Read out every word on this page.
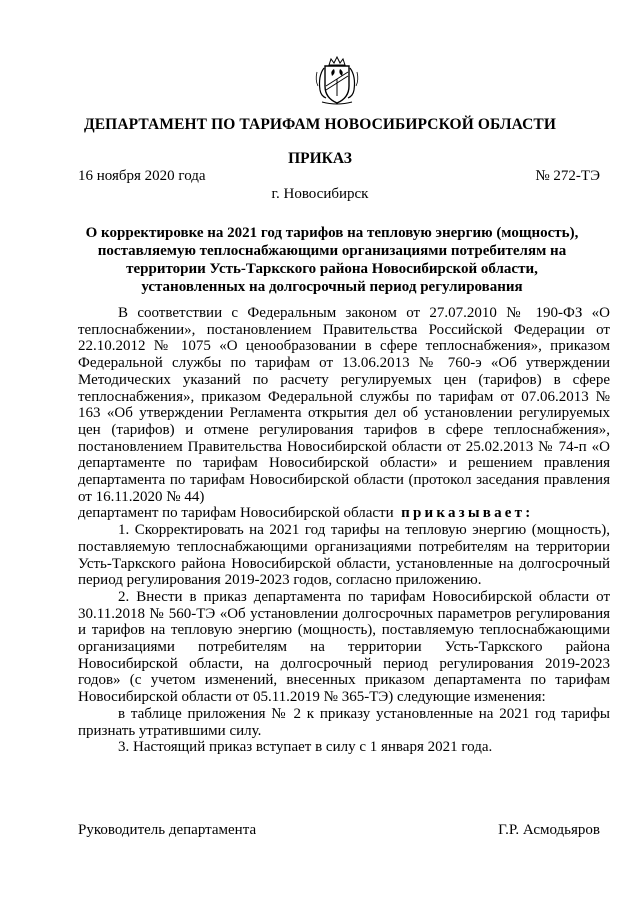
ДЕПАРТАМЕНТ ПО ТАРИФАМ НОВОСИБИРСКОЙ ОБЛАСТИ
ПРИКАЗ
16 ноября 2020 года	№ 272-ТЭ
г. Новосибирск
О корректировке на 2021 год тарифов на тепловую энергию (мощность), поставляемую теплоснабжающими организациями потребителям на территории Усть-Таркского района Новосибирской области, установленных на долгосрочный период регулирования

В соответствии с Федеральным законом от 27.07.2010 № 190-ФЗ «О теплоснабжении», постановлением Правительства Российской Федерации от 22.10.2012 № 1075 «О ценообразовании в сфере теплоснабжения», приказом Федеральной службы по тарифам от 13.06.2013 № 760-э «Об утверждении Методических указаний по расчету регулируемых цен (тарифов) в сфере теплоснабжения», приказом Федеральной службы по тарифам от 07.06.2013 № 163 «Об утверждении Регламента открытия дел об установлении регулируемых цен (тарифов) и отмене регулирования тарифов в сфере теплоснабжения», постановлением Правительства Новосибирской области от 25.02.2013 № 74-п «О департаменте по тарифам Новосибирской области» и решением правления департамента по тарифам Новосибирской области (протокол заседания правления от 16.11.2020 № 44)

департамент по тарифам Новосибирской области приказывает:

1. Скорректировать на 2021 год тарифы на тепловую энергию (мощность), поставляемую теплоснабжающими организациями потребителям на территории Усть-Таркского района Новосибирской области, установленные на долгосрочный период регулирования 2019-2023 годов, согласно приложению.

2. Внести в приказ департамента по тарифам Новосибирской области от 30.11.2018 № 560-ТЭ «Об установлении долгосрочных параметров регулирования и тарифов на тепловую энергию (мощность), поставляемую теплоснабжающими организациями потребителям на территории Усть-Таркского района Новосибирской области, на долгосрочный период регулирования 2019-2023 годов» (с учетом изменений, внесенных приказом департамента по тарифам Новосибирской области от 05.11.2019 № 365-ТЭ) следующие изменения:

в таблице приложения № 2 к приказу установленные на 2021 год тарифы признать утратившими силу.

3. Настоящий приказ вступает в силу с 1 января 2021 года.

Руководитель департамента	Г.Р. Асмодьяров
